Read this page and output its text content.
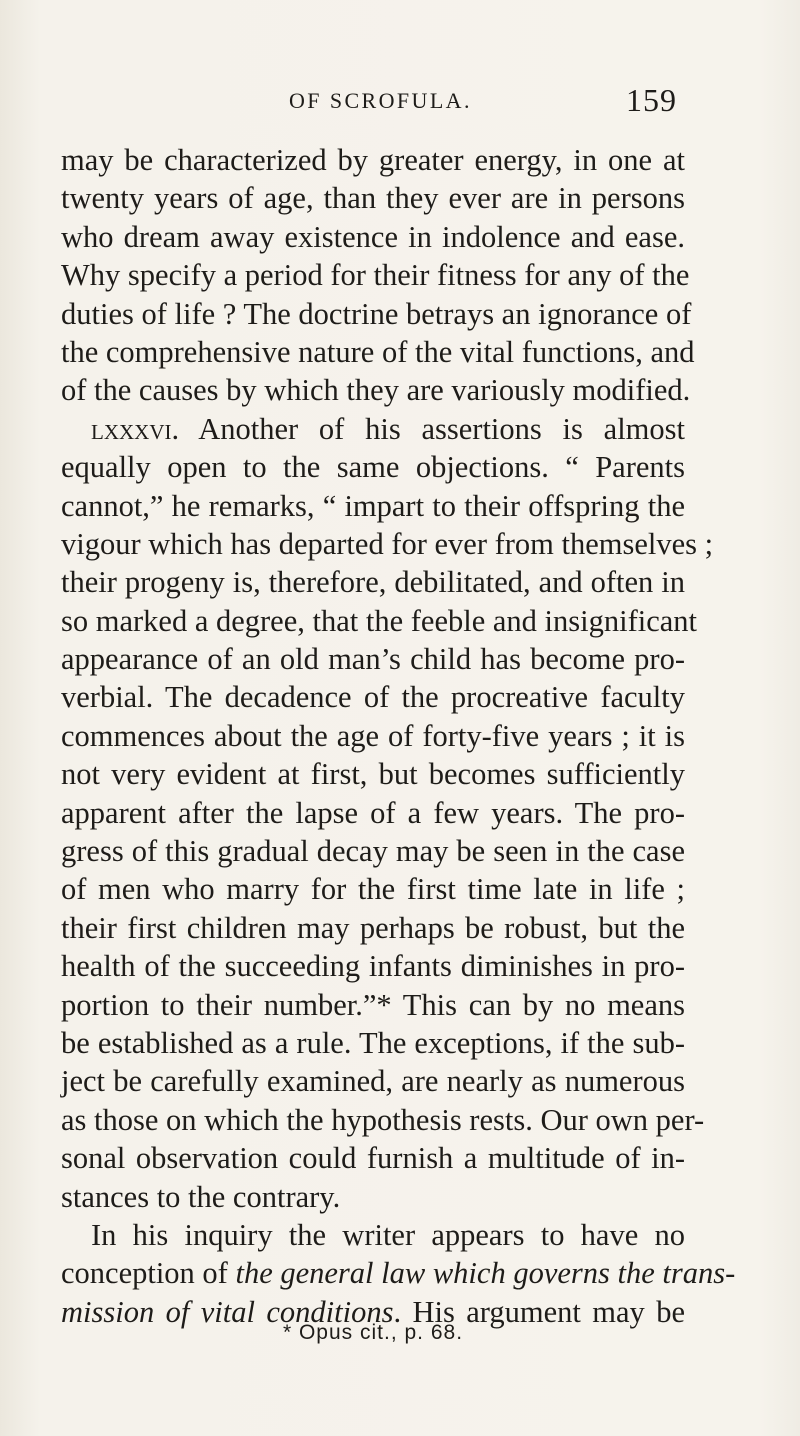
OF SCROFULA.	159
may be characterized by greater energy, in one at
twenty years of age, than they ever are in persons
who dream away existence in indolence and ease.
Why specify a period for their fitness for any of the
duties of life ? The doctrine betrays an ignorance of
the comprehensive nature of the vital functions, and
of the causes by which they are variously modified.
lxxxvi. Another of his assertions is almost
equally open to the same objections. “ Parents
cannot,” he remarks, “ impart to their offspring the
vigour which has departed for ever from themselves ;
their progeny is, therefore, debilitated, and often in
so marked a degree, that the feeble and insignificant
appearance of an old man’s child has become pro-
verbial. The decadence of the procreative faculty
commences about the age of forty-five years ; it is
not very evident at first, but becomes sufficiently
apparent after the lapse of a few years. The pro-
gress of this gradual decay may be seen in the case
of men who marry for the first time late in life ;
their first children may perhaps be robust, but the
health of the succeeding infants diminishes in pro-
portion to their number.”* This can by no means
be established as a rule. The exceptions, if the sub-
ject be carefully examined, are nearly as numerous
as those on which the hypothesis rests. Our own per-
sonal observation could furnish a multitude of in-
stances to the contrary.
In his inquiry the writer appears to have no
conception of the general law which governs the trans-
mission of vital conditions. His argument may be
* Opus cit., p. 68.
